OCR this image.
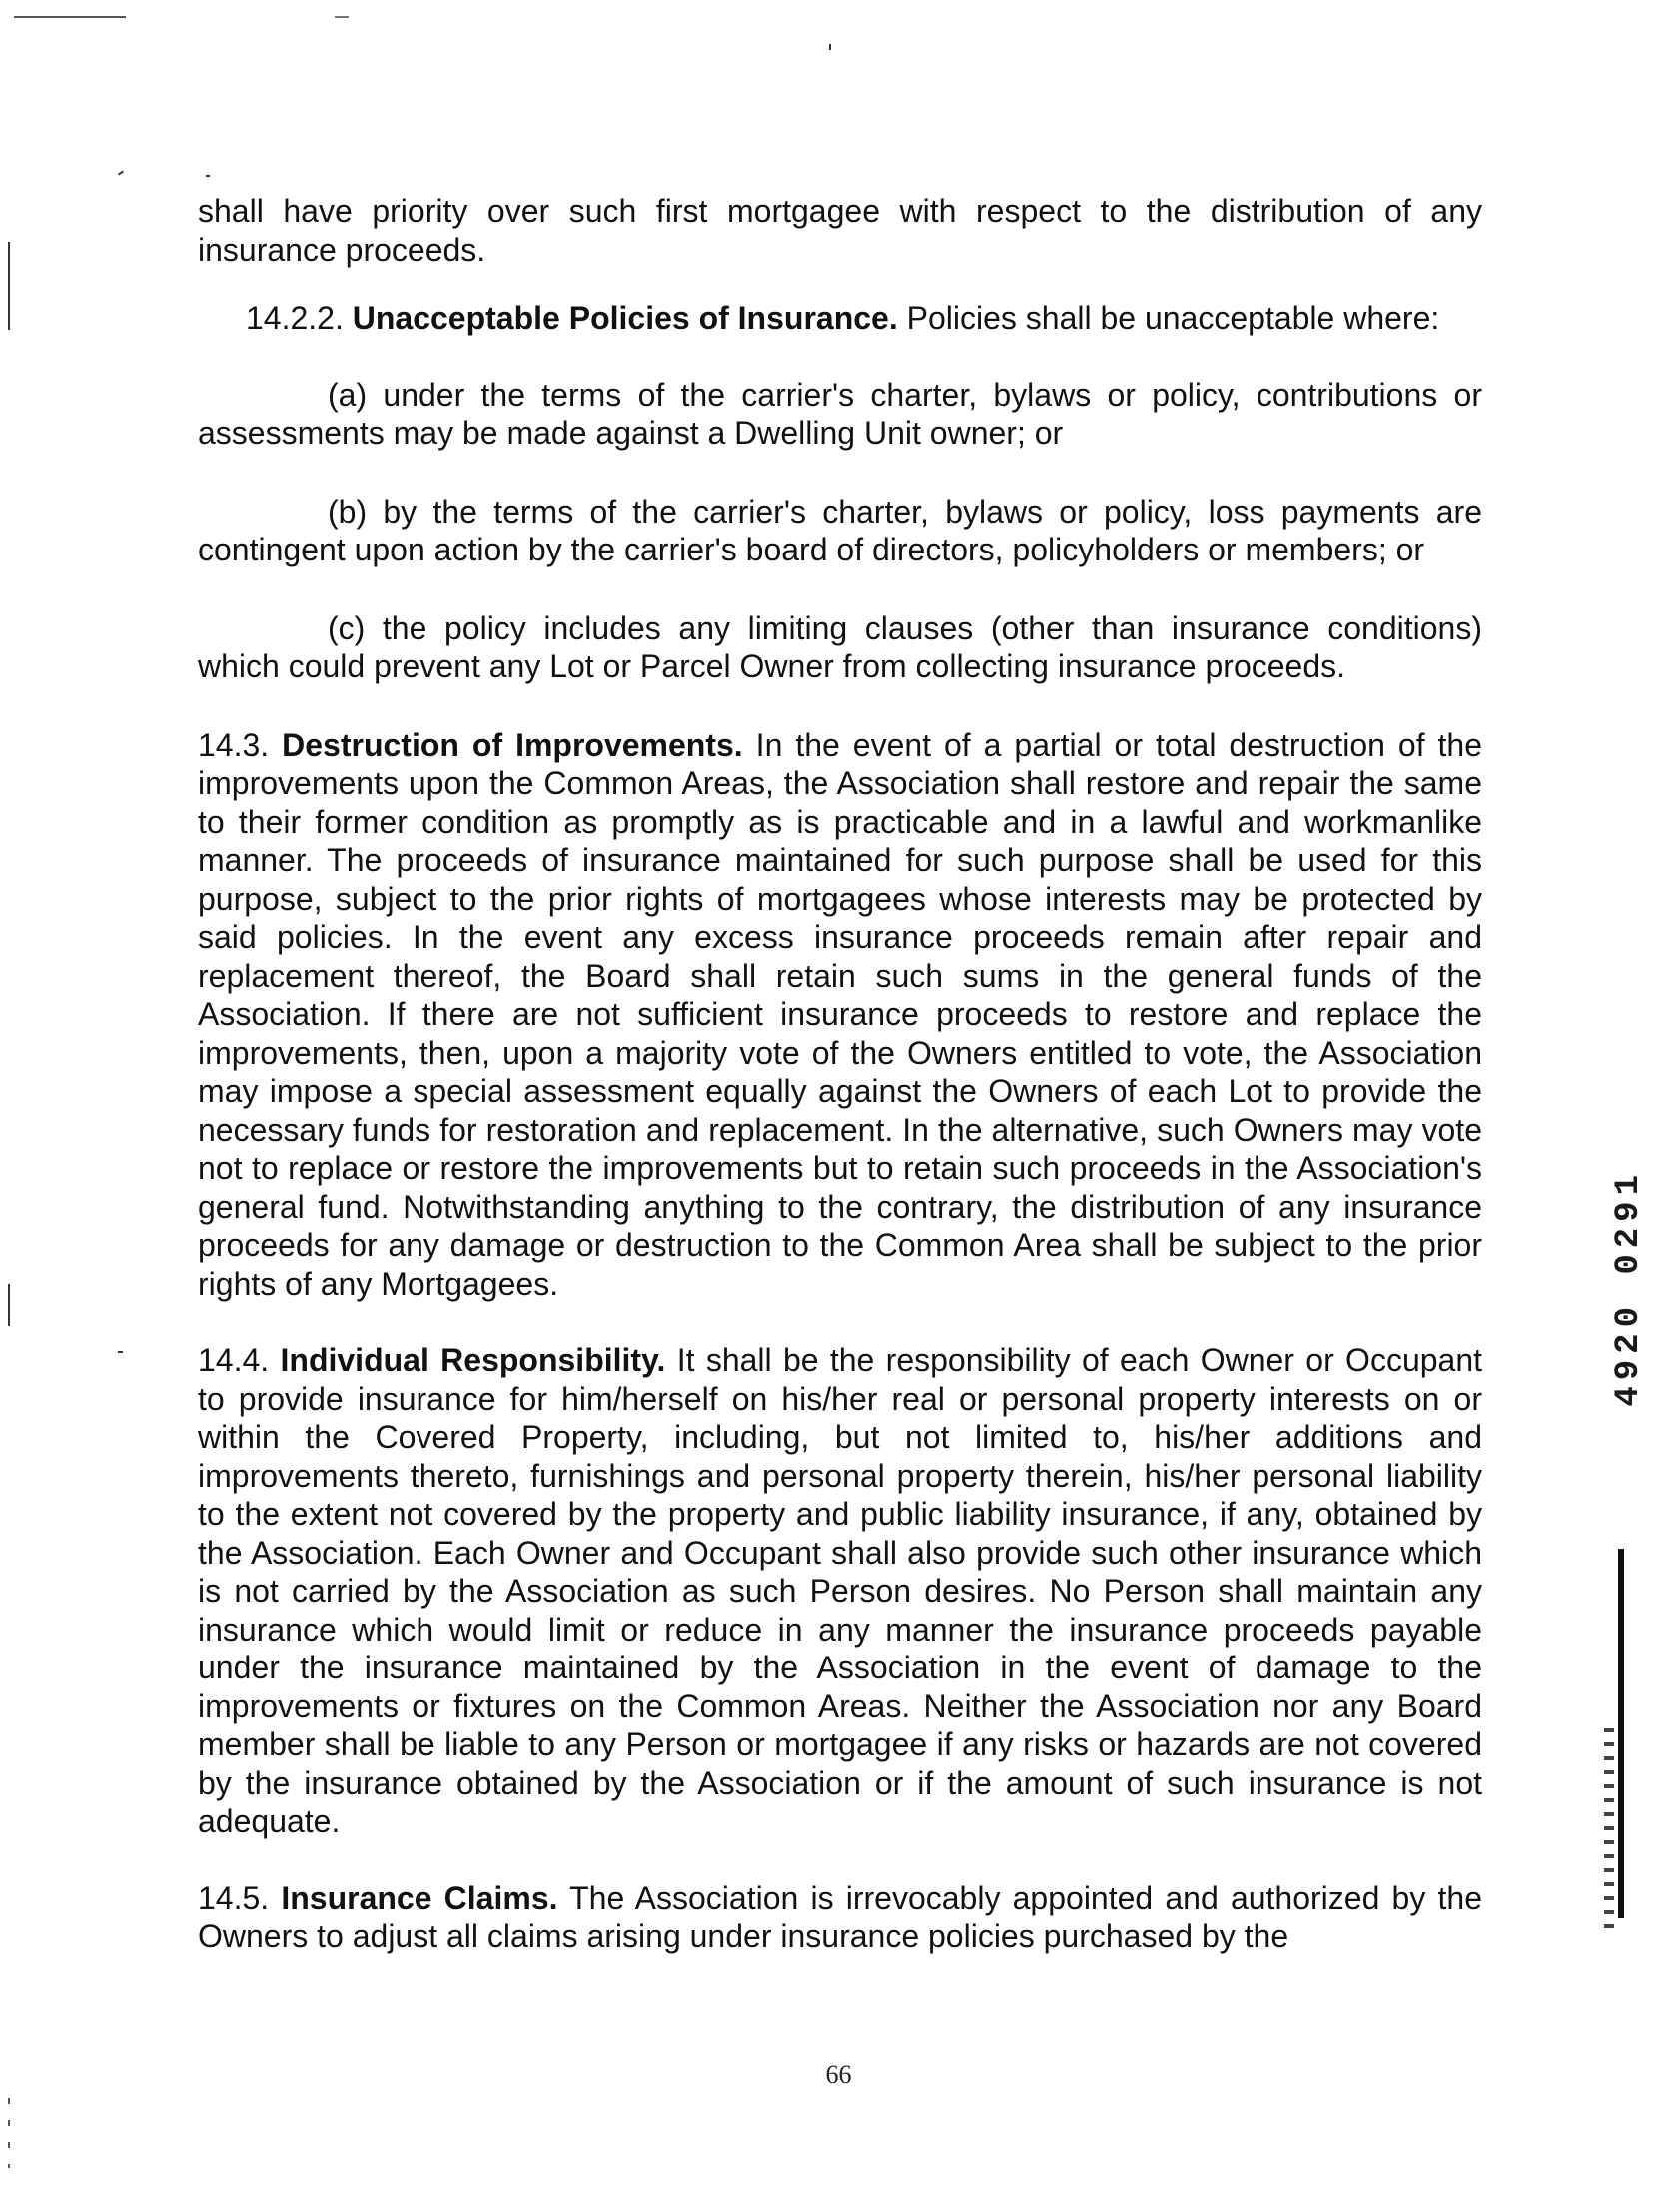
shall have priority over such first mortgagee with respect to the distribution of any insurance proceeds.

14.2.2. Unacceptable Policies of Insurance. Policies shall be unacceptable where:

(a) under the terms of the carrier's charter, bylaws or policy, contributions or assessments may be made against a Dwelling Unit owner; or

(b) by the terms of the carrier's charter, bylaws or policy, loss payments are contingent upon action by the carrier's board of directors, policyholders or members; or

(c) the policy includes any limiting clauses (other than insurance conditions) which could prevent any Lot or Parcel Owner from collecting insurance proceeds.

14.3. Destruction of Improvements. In the event of a partial or total destruction of the improvements upon the Common Areas, the Association shall restore and repair the same to their former condition as promptly as is practicable and in a lawful and workmanlike manner. The proceeds of insurance maintained for such purpose shall be used for this purpose, subject to the prior rights of mortgagees whose interests may be protected by said policies. In the event any excess insurance proceeds remain after repair and replacement thereof, the Board shall retain such sums in the general funds of the Association. If there are not sufficient insurance proceeds to restore and replace the improvements, then, upon a majority vote of the Owners entitled to vote, the Association may impose a special assessment equally against the Owners of each Lot to provide the necessary funds for restoration and replacement. In the alternative, such Owners may vote not to replace or restore the improvements but to retain such proceeds in the Association's general fund. Notwithstanding anything to the contrary, the distribution of any insurance proceeds for any damage or destruction to the Common Area shall be subject to the prior rights of any Mortgagees.

14.4. Individual Responsibility. It shall be the responsibility of each Owner or Occupant to provide insurance for him/herself on his/her real or personal property interests on or within the Covered Property, including, but not limited to, his/her additions and improvements thereto, furnishings and personal property therein, his/her personal liability to the extent not covered by the property and public liability insurance, if any, obtained by the Association. Each Owner and Occupant shall also provide such other insurance which is not carried by the Association as such Person desires. No Person shall maintain any insurance which would limit or reduce in any manner the insurance proceeds payable under the insurance maintained by the Association in the event of damage to the improvements or fixtures on the Common Areas. Neither the Association nor any Board member shall be liable to any Person or mortgagee if any risks or hazards are not covered by the insurance obtained by the Association or if the amount of such insurance is not adequate.

14.5. Insurance Claims. The Association is irrevocably appointed and authorized by the Owners to adjust all claims arising under insurance policies purchased by the

4920 0291
66
